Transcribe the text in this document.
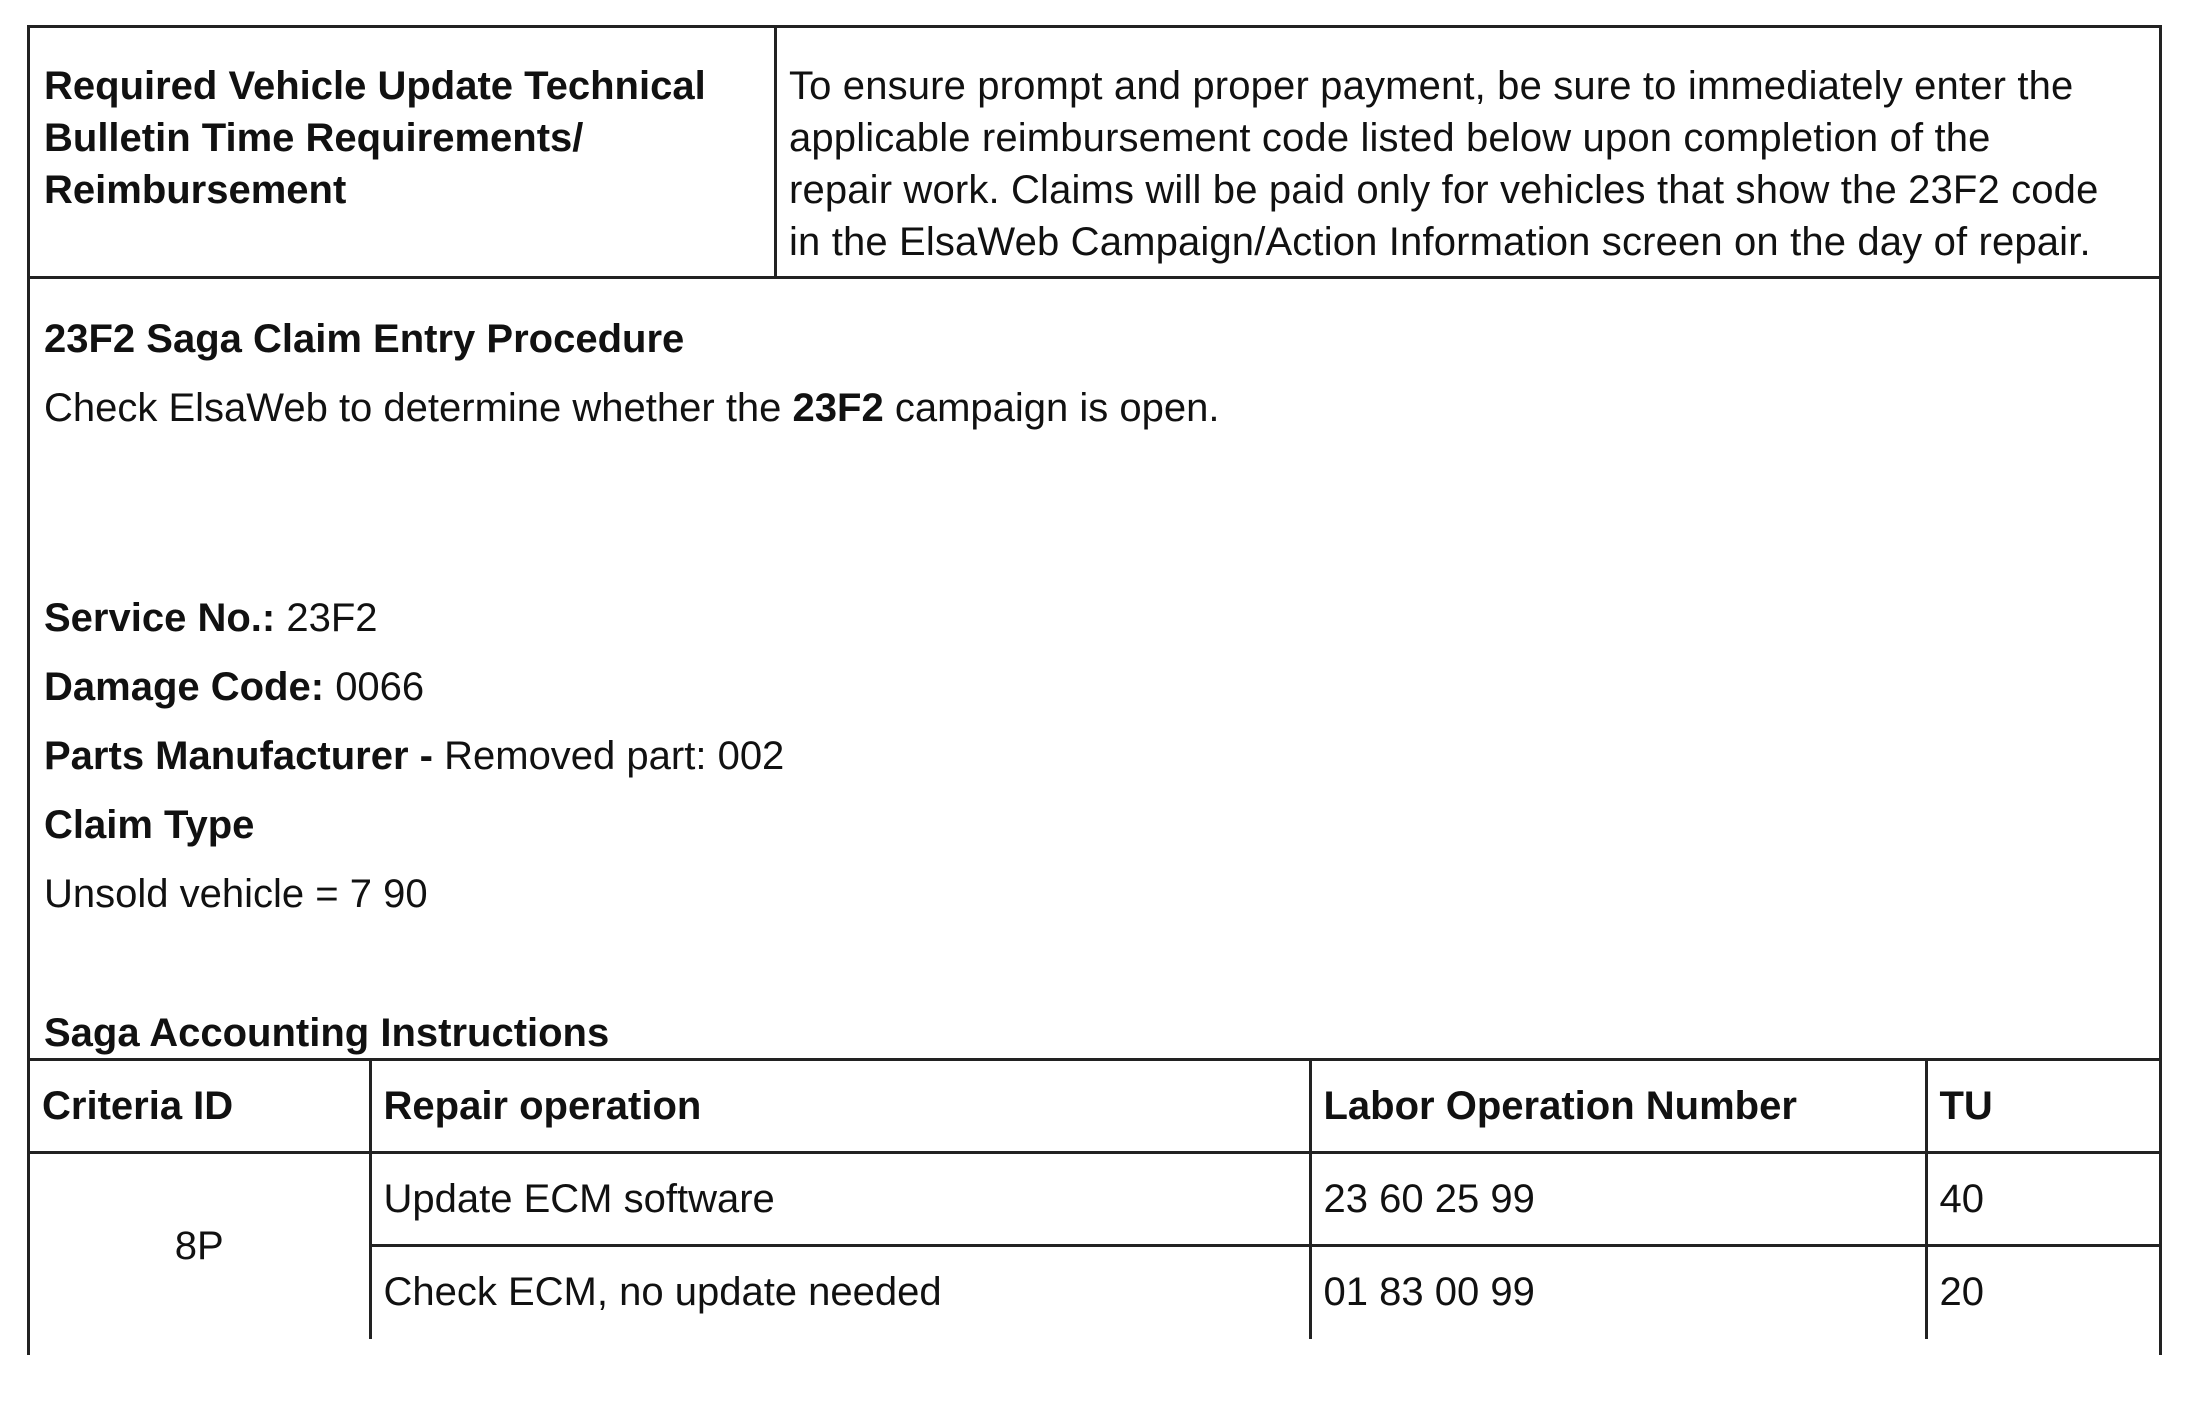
Required Vehicle Update Technical
Bulletin Time Requirements/
Reimbursement
To ensure prompt and proper payment, be sure to immediately enter the
applicable reimbursement code listed below upon completion of the
repair work. Claims will be paid only for vehicles that show the 23F2 code
in the ElsaWeb Campaign/Action Information screen on the day of repair.
23F2 Saga Claim Entry Procedure
Check ElsaWeb to determine whether the 23F2 campaign is open.
Service No.: 23F2
Damage Code: 0066
Parts Manufacturer - Removed part: 002
Claim Type
Unsold vehicle = 7 90
Saga Accounting Instructions
Criteria ID	Repair operation	Labor Operation Number	TU
8P	Update ECM software	23 60 25 99	40
	Check ECM, no update needed	01 83 00 99	20
